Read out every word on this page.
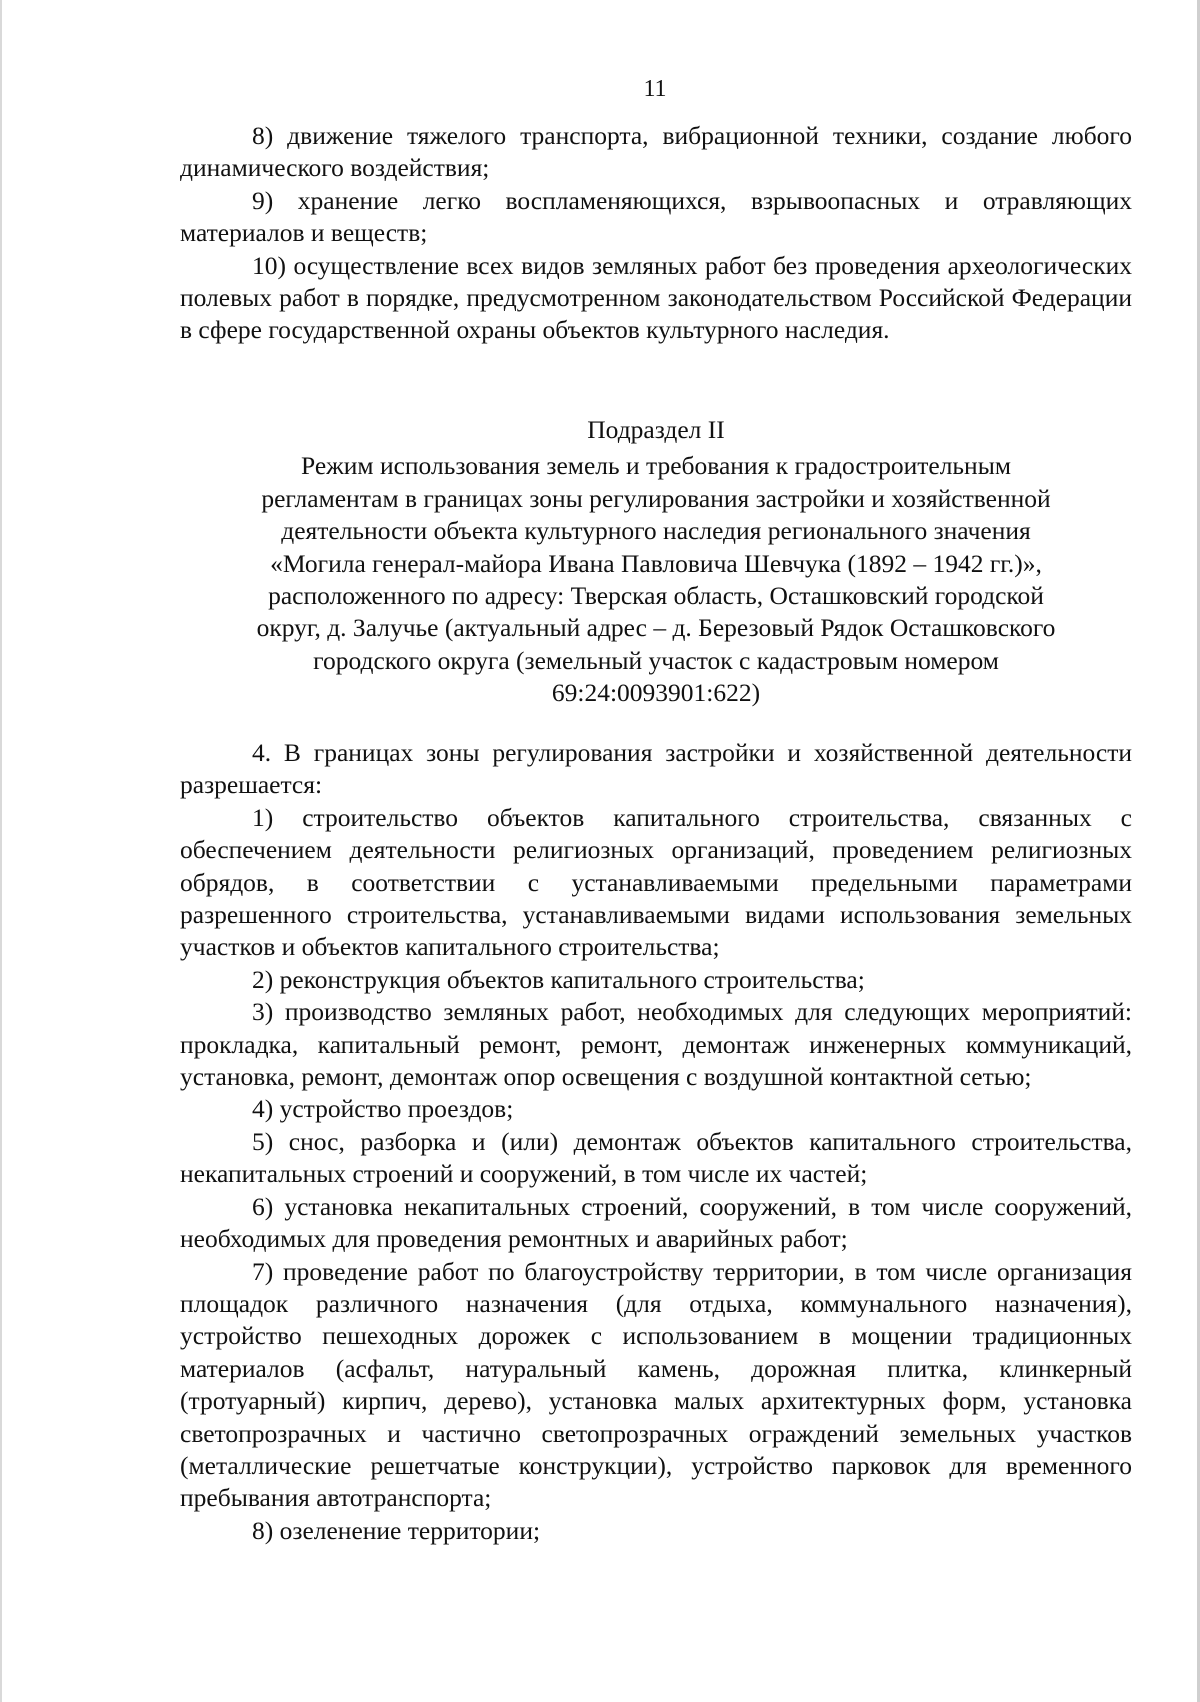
11

8) движение тяжелого транспорта, вибрационной техники, создание любого динамического воздействия;

9) хранение легко воспламеняющихся, взрывоопасных и отравляющих материалов и веществ;

10) осуществление всех видов земляных работ без проведения археологических полевых работ в порядке, предусмотренном законодательством Российской Федерации в сфере государственной охраны объектов культурного наследия.

Подраздел II

Режим использования земель и требования к градостроительным

регламентам в границах зоны регулирования застройки и хозяйственной

деятельности объекта культурного наследия регионального значения

«Могила генерал-майора Ивана Павловича Шевчука (1892 – 1942 гг.)»,

расположенного по адресу: Тверская область, Осташковский городской

округ, д. Залучье (актуальный адрес – д. Березовый Рядок Осташковского

городского округа (земельный участок с кадастровым номером

69:24:0093901:622)

4. В границах зоны регулирования застройки и хозяйственной деятельности разрешается:

1) строительство объектов капитального строительства, связанных с обеспечением деятельности религиозных организаций, проведением религиозных обрядов, в соответствии с устанавливаемыми предельными параметрами разрешенного строительства, устанавливаемыми видами использования земельных участков и объектов капитального строительства;

2) реконструкция объектов капитального строительства;

3) производство земляных работ, необходимых для следующих мероприятий: прокладка, капитальный ремонт, ремонт, демонтаж инженерных коммуникаций, установка, ремонт, демонтаж опор освещения с воздушной контактной сетью;

4) устройство проездов;

5) снос, разборка и (или) демонтаж объектов капитального строительства, некапитальных строений и сооружений, в том числе их частей;

6) установка некапитальных строений, сооружений, в том числе сооружений, необходимых для проведения ремонтных и аварийных работ;

7) проведение работ по благоустройству территории, в том числе организация площадок различного назначения (для отдыха, коммунального назначения), устройство пешеходных дорожек с использованием в мощении традиционных материалов (асфальт, натуральный камень, дорожная плитка, клинкерный (тротуарный) кирпич, дерево), установка малых архитектурных форм, установка светопрозрачных и частично светопрозрачных ограждений земельных участков (металлические решетчатые конструкции), устройство парковок для временного пребывания автотранспорта;

8) озеленение территории;
